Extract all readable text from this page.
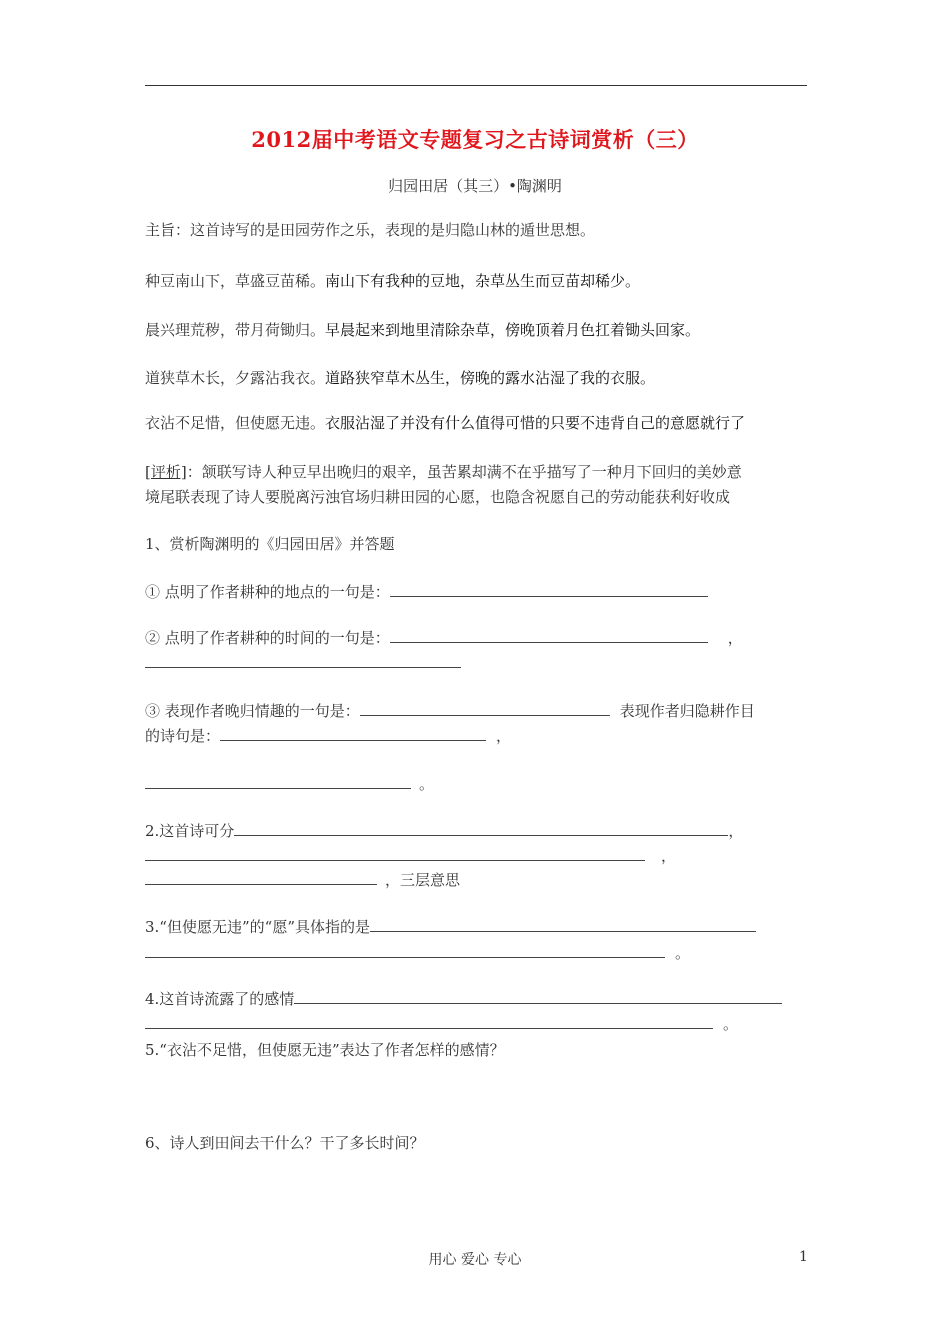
2012届中考语文专题复习之古诗词赏析（三）
归园田居（其三）•陶渊明
主旨：这首诗写的是田园劳作之乐，表现的是归隐山林的遁世思想。
种豆南山下，草盛豆苗稀。南山下有我种的豆地，杂草丛生而豆苗却稀少。
晨兴理荒秽，带月荷锄归。早晨起来到地里清除杂草，傍晚顶着月色扛着锄头回家。
道狭草木长，夕露沾我衣。道路狭窄草木丛生，傍晚的露水沾湿了我的衣服。
衣沾不足惜，但使愿无违。衣服沾湿了并没有什么值得可惜的只要不违背自己的意愿就行了
[评析]：颔联写诗人种豆早出晚归的艰辛，虽苦累却满不在乎描写了一种月下回归的美妙意
境尾联表现了诗人要脱离污浊官场归耕田园的心愿，也隐含祝愿自己的劳动能获利好收成
1、赏析陶渊明的《归园田居》并答题
① 点明了作者耕种的地点的一句是：
② 点明了作者耕种的时间的一句是：	，
③ 表现作者晚归情趣的一句是：	表现作者归隐耕作目
的诗句是：	，
。
2.这首诗可分	，
，
，三层意思
3.“但使愿无违”的“愿”具体指的是
。
4.这首诗流露了的感情
。
5.“衣沾不足惜，但使愿无违”表达了作者怎样的感情？
6、诗人到田间去干什么？干了多长时间？
用心 爱心 专心	1
